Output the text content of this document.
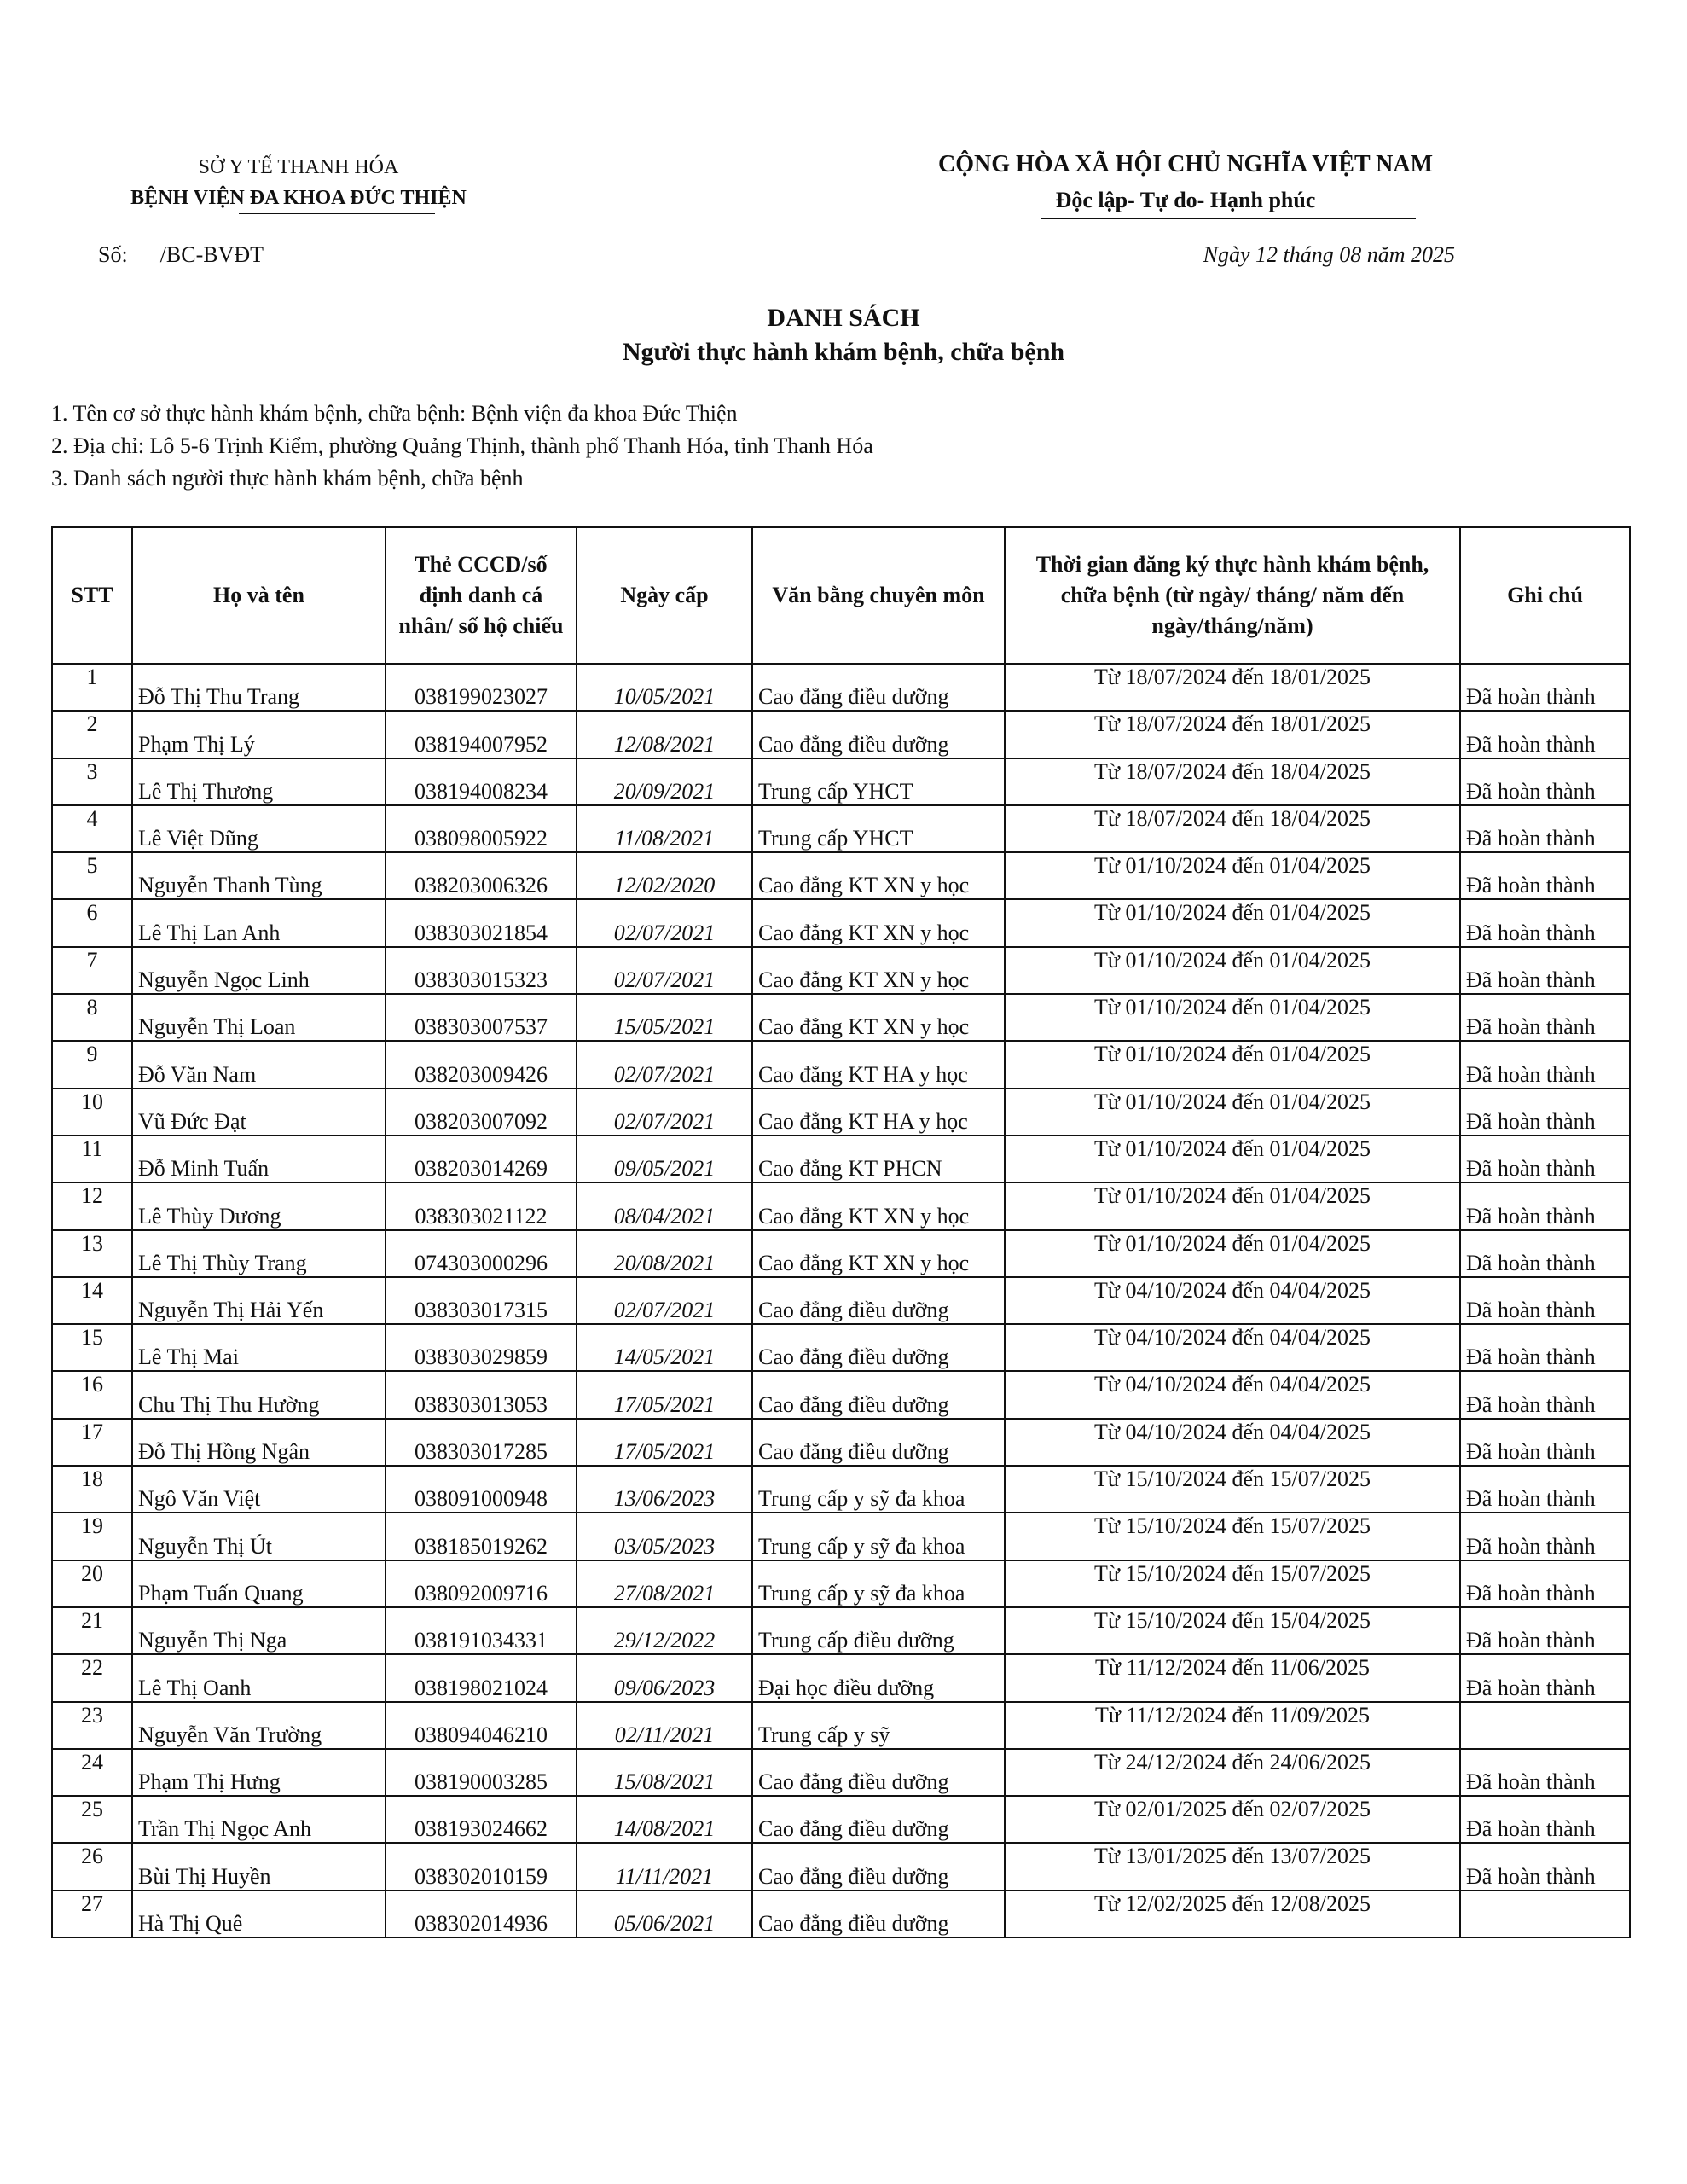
SỞ Y TẾ THANH HÓA
BỆNH VIỆN ĐA KHOA ĐỨC THIỆN
CỘNG HÒA XÃ HỘI CHỦ NGHĨA VIỆT NAM
Độc lập- Tự do- Hạnh phúc
Số: /BC-BVĐT	Ngày 12 tháng 08 năm 2025
DANH SÁCH
Người thực hành khám bệnh, chữa bệnh
1. Tên cơ sở thực hành khám bệnh, chữa bệnh: Bệnh viện đa khoa Đức Thiện
2. Địa chỉ: Lô 5-6 Trịnh Kiểm, phường Quảng Thịnh, thành phố Thanh Hóa, tỉnh Thanh Hóa
3. Danh sách người thực hành khám bệnh, chữa bệnh
STT	Họ và tên	Thẻ CCCD/số định danh cá nhân/ số hộ chiếu	Ngày cấp	Văn bằng chuyên môn	Thời gian đăng ký thực hành khám bệnh, chữa bệnh (từ ngày/ tháng/ năm đến ngày/tháng/năm)	Ghi chú
1	Đỗ Thị Thu Trang	038199023027	10/05/2021	Cao đẳng điều dưỡng	Từ 18/07/2024 đến 18/01/2025	Đã hoàn thành
2	Phạm Thị Lý	038194007952	12/08/2021	Cao đẳng điều dưỡng	Từ 18/07/2024 đến 18/01/2025	Đã hoàn thành
3	Lê Thị Thương	038194008234	20/09/2021	Trung cấp YHCT	Từ 18/07/2024 đến 18/04/2025	Đã hoàn thành
4	Lê Việt Dũng	038098005922	11/08/2021	Trung cấp YHCT	Từ 18/07/2024 đến 18/04/2025	Đã hoàn thành
5	Nguyễn Thanh Tùng	038203006326	12/02/2020	Cao đẳng KT XN y học	Từ 01/10/2024 đến 01/04/2025	Đã hoàn thành
6	Lê Thị Lan Anh	038303021854	02/07/2021	Cao đẳng KT XN y học	Từ 01/10/2024 đến 01/04/2025	Đã hoàn thành
7	Nguyễn Ngọc Linh	038303015323	02/07/2021	Cao đẳng KT XN y học	Từ 01/10/2024 đến 01/04/2025	Đã hoàn thành
8	Nguyễn Thị Loan	038303007537	15/05/2021	Cao đẳng KT XN y học	Từ 01/10/2024 đến 01/04/2025	Đã hoàn thành
9	Đỗ Văn Nam	038203009426	02/07/2021	Cao đẳng KT HA y học	Từ 01/10/2024 đến 01/04/2025	Đã hoàn thành
10	Vũ Đức Đạt	038203007092	02/07/2021	Cao đẳng KT HA y học	Từ 01/10/2024 đến 01/04/2025	Đã hoàn thành
11	Đỗ Minh Tuấn	038203014269	09/05/2021	Cao đẳng KT PHCN	Từ 01/10/2024 đến 01/04/2025	Đã hoàn thành
12	Lê Thùy Dương	038303021122	08/04/2021	Cao đẳng KT XN y học	Từ 01/10/2024 đến 01/04/2025	Đã hoàn thành
13	Lê Thị Thùy Trang	074303000296	20/08/2021	Cao đẳng KT XN y học	Từ 01/10/2024 đến 01/04/2025	Đã hoàn thành
14	Nguyễn Thị Hải Yến	038303017315	02/07/2021	Cao đẳng điều dưỡng	Từ 04/10/2024 đến 04/04/2025	Đã hoàn thành
15	Lê Thị Mai	038303029859	14/05/2021	Cao đẳng điều dưỡng	Từ 04/10/2024 đến 04/04/2025	Đã hoàn thành
16	Chu Thị Thu Hường	038303013053	17/05/2021	Cao đẳng điều dưỡng	Từ 04/10/2024 đến 04/04/2025	Đã hoàn thành
17	Đỗ Thị Hồng Ngân	038303017285	17/05/2021	Cao đẳng điều dưỡng	Từ 04/10/2024 đến 04/04/2025	Đã hoàn thành
18	Ngô Văn Việt	038091000948	13/06/2023	Trung cấp y sỹ đa khoa	Từ 15/10/2024 đến 15/07/2025	Đã hoàn thành
19	Nguyễn Thị Út	038185019262	03/05/2023	Trung cấp y sỹ đa khoa	Từ 15/10/2024 đến 15/07/2025	Đã hoàn thành
20	Phạm Tuấn Quang	038092009716	27/08/2021	Trung cấp y sỹ đa khoa	Từ 15/10/2024 đến 15/07/2025	Đã hoàn thành
21	Nguyễn Thị Nga	038191034331	29/12/2022	Trung cấp điều dưỡng	Từ 15/10/2024 đến 15/04/2025	Đã hoàn thành
22	Lê Thị Oanh	038198021024	09/06/2023	Đại học điều dưỡng	Từ 11/12/2024 đến 11/06/2025	Đã hoàn thành
23	Nguyễn Văn Trường	038094046210	02/11/2021	Trung cấp y sỹ	Từ 11/12/2024 đến 11/09/2025	
24	Phạm Thị Hưng	038190003285	15/08/2021	Cao đẳng điều dưỡng	Từ 24/12/2024 đến 24/06/2025	Đã hoàn thành
25	Trần Thị Ngọc Anh	038193024662	14/08/2021	Cao đẳng điều dưỡng	Từ 02/01/2025 đến 02/07/2025	Đã hoàn thành
26	Bùi Thị Huyền	038302010159	11/11/2021	Cao đẳng điều dưỡng	Từ 13/01/2025 đến 13/07/2025	Đã hoàn thành
27	Hà Thị Quê	038302014936	05/06/2021	Cao đẳng điều dưỡng	Từ 12/02/2025 đến 12/08/2025	
